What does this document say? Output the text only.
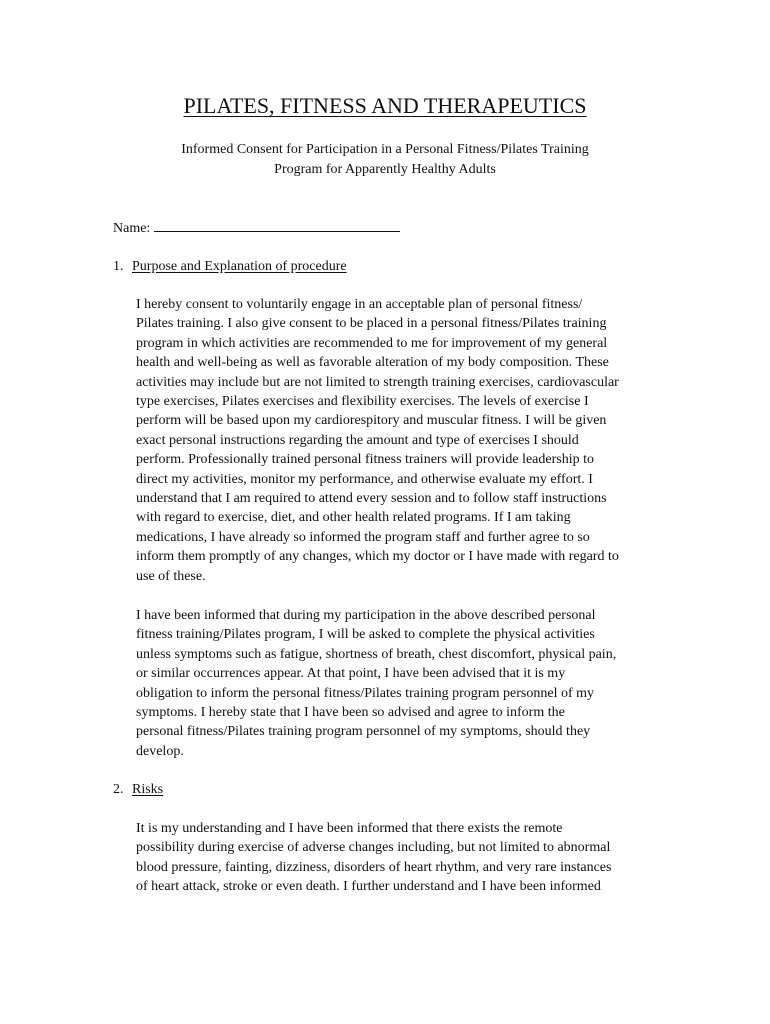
PILATES, FITNESS AND THERAPEUTICS
Informed Consent for Participation in a Personal Fitness/Pilates Training
Program for Apparently Healthy Adults
Name:
1. Purpose and Explanation of procedure
I hereby consent to voluntarily engage in an acceptable plan of personal fitness/
Pilates training. I also give consent to be placed in a personal fitness/Pilates training
program in which activities are recommended to me for improvement of my general
health and well-being as well as favorable alteration of my body composition. These
activities may include but are not limited to strength training exercises, cardiovascular
type exercises, Pilates exercises and flexibility exercises. The levels of exercise I
perform will be based upon my cardiorespitory and muscular fitness. I will be given
exact personal instructions regarding the amount and type of exercises I should
perform. Professionally trained personal fitness trainers will provide leadership to
direct my activities, monitor my performance, and otherwise evaluate my effort. I
understand that I am required to attend every session and to follow staff instructions
with regard to exercise, diet, and other health related programs. If I am taking
medications, I have already so informed the program staff and further agree to so
inform them promptly of any changes, which my doctor or I have made with regard to
use of these.
I have been informed that during my participation in the above described personal
fitness training/Pilates program, I will be asked to complete the physical activities
unless symptoms such as fatigue, shortness of breath, chest discomfort, physical pain,
or similar occurrences appear. At that point, I have been advised that it is my
obligation to inform the personal fitness/Pilates training program personnel of my
symptoms. I hereby state that I have been so advised and agree to inform the
personal fitness/Pilates training program personnel of my symptoms, should they
develop.
2. Risks
It is my understanding and I have been informed that there exists the remote
possibility during exercise of adverse changes including, but not limited to abnormal
blood pressure, fainting, dizziness, disorders of heart rhythm, and very rare instances
of heart attack, stroke or even death. I further understand and I have been informed
